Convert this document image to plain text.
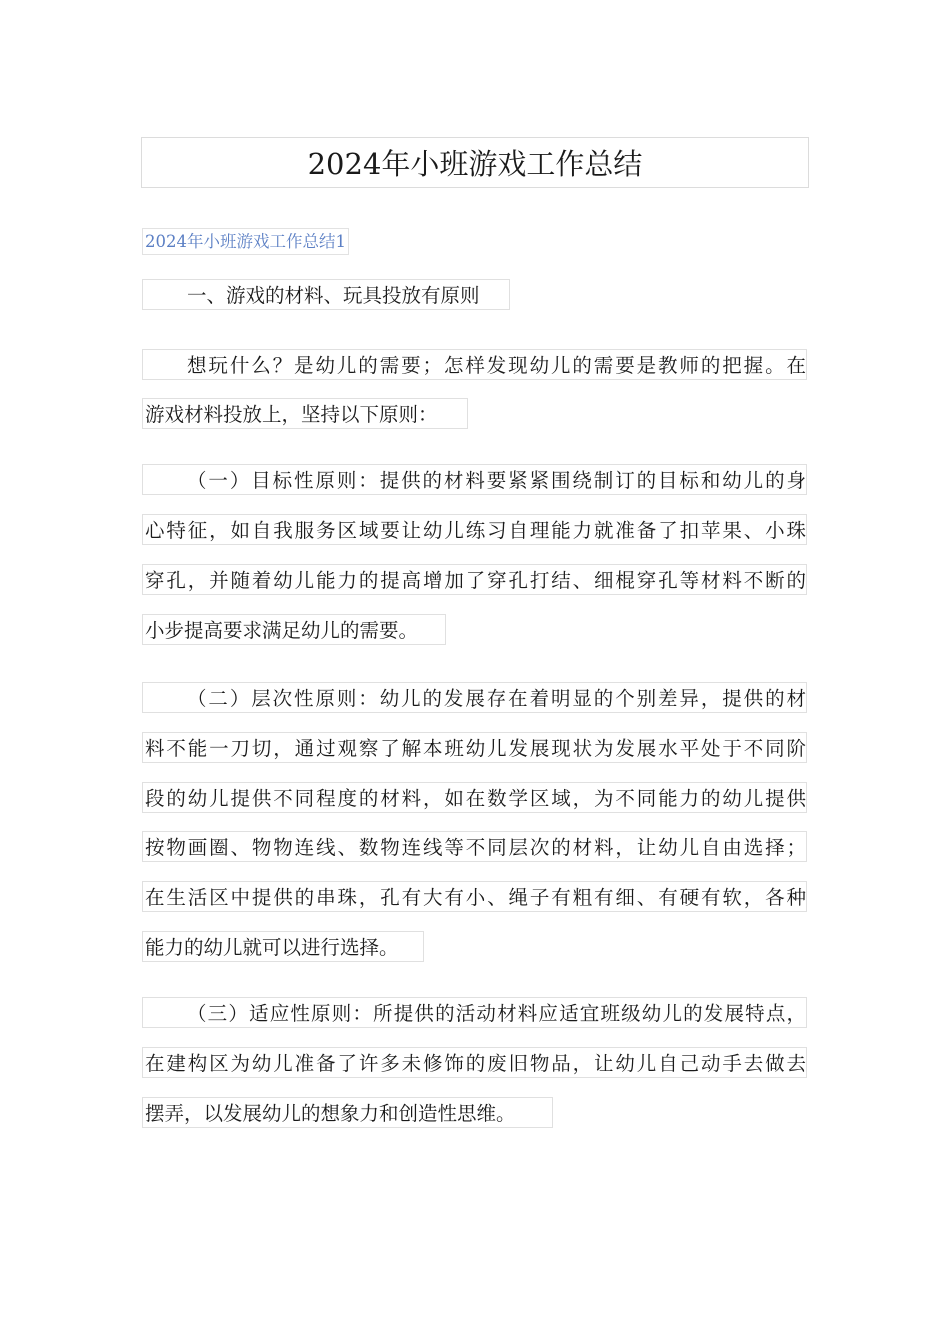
2024年小班游戏工作总结
2024年小班游戏工作总结1
一、游戏的材料、玩具投放有原则
想玩什么？是幼儿的需要；怎样发现幼儿的需要是教师的把握。在
游戏材料投放上，坚持以下原则：
（一）目标性原则：提供的材料要紧紧围绕制订的目标和幼儿的身
心特征，如自我服务区域要让幼儿练习自理能力就准备了扣苹果、小珠
穿孔，并随着幼儿能力的提高增加了穿孔打结、细棍穿孔等材料不断的
小步提高要求满足幼儿的需要。
（二）层次性原则：幼儿的发展存在着明显的个别差异，提供的材
料不能一刀切，通过观察了解本班幼儿发展现状为发展水平处于不同阶
段的幼儿提供不同程度的材料，如在数学区域，为不同能力的幼儿提供
按物画圈、物物连线、数物连线等不同层次的材料，让幼儿自由选择；
在生活区中提供的串珠，孔有大有小、绳子有粗有细、有硬有软，各种
能力的幼儿就可以进行选择。
（三）适应性原则：所提供的活动材料应适宜班级幼儿的发展特点，
在建构区为幼儿准备了许多未修饰的废旧物品，让幼儿自己动手去做去
摆弄，以发展幼儿的想象力和创造性思维。
